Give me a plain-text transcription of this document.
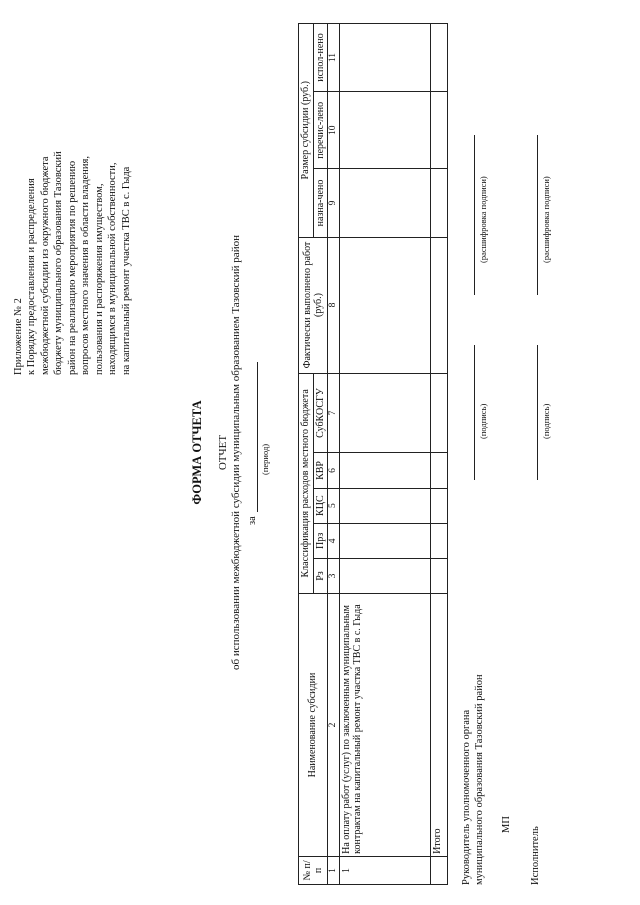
Приложение № 2 к Порядку предоставления и распределения межбюджетной субсидии из окружного бюджета бюджету муниципального образования Тазовский район на реализацию мероприятия по решению вопросов местного значения в области владения, пользования и распоряжения имуществом, находящимся в муниципальной собственности, на капитальный ремонт участка ТВС в с. Гыда
ФОРМА ОТЧЕТА ОТЧЕТ об использовании межбюджетной субсидии муниципальным образованием Тазовский район за
(период)
№ п/п	Наименование субсидии	Классификация расходов местного бюджета					Фактически выполнено работ (руб.)	Размер субсидии (руб.)		
		Рз	Прз	КЦС	КВР	СубКОСГУ		назна-чено	перечис-лено	испол-нено
1	2	3	4	5	6	7	8	9	10	11
1	На оплату работ (услуг) по заключенным муниципальным контрактам на капитальный ремонт участка ТВС в с. Гыда									
	Итого									Руководитель уполномоченного органа муниципального образования Тазовский район МП
(подпись)
(расшифровка подписи)
Исполнитель
(подпись)
(расшифровка подписи)
